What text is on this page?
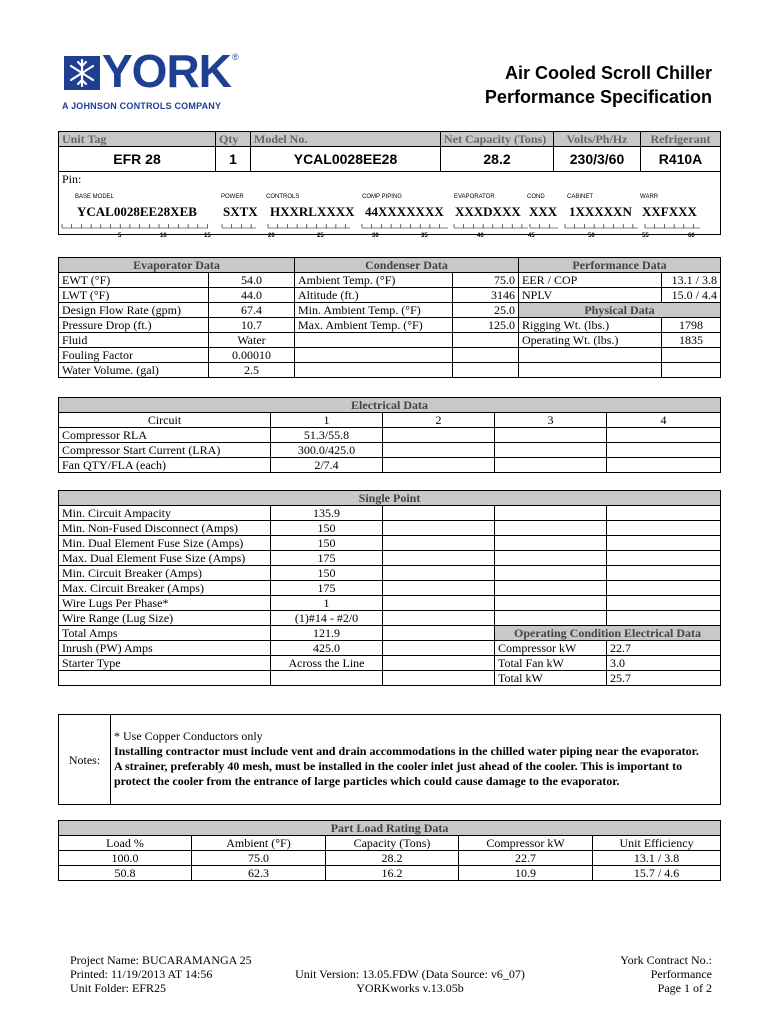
YORK ®
A JOHNSON CONTROLS COMPANY
Air Cooled Scroll Chiller
Performance Specification
Unit Tag	Qty	Model No.	Net Capacity (Tons)	Volts/Ph/Hz	Refrigerant
EFR 28	1	YCAL0028EE28	28.2	230/3/60	R410A
Pin:					
BASE MODEL	POWER	CONTROLS	COMP PIPING	EVAPORATOR	COND	CABINET	WARR
YCAL0028EE28XEB SXTX HXXRLXXXX 44XXXXXXX XXXDXXX XXX 1XXXXXN XXFXXX
5	10	15	20	25	30	35	40	45	50	55	60
Evaporator Data		Condenser Data		Performance Data	
EWT (°F)	54.0	Ambient Temp. (°F)	75.0	EER / COP	13.1 / 3.8
LWT (°F)	44.0	Altitude (ft.)	3146	NPLV	15.0 / 4.4
Design Flow Rate (gpm)	67.4	Min. Ambient Temp. (°F)	25.0	Physical Data	
Pressure Drop (ft.)	10.7	Max. Ambient Temp. (°F)	125.0	Rigging Wt. (lbs.)	1798
Fluid	Water			Operating Wt. (lbs.)	1835
Fouling Factor	0.00010				
Water Volume. (gal)	2.5				
Electrical Data				
Circuit	1	2	3	4
Compressor RLA	51.3/55.8			
Compressor Start Current (LRA)	300.0/425.0			
Fan QTY/FLA (each)	2/7.4			
Single Point				
Min. Circuit Ampacity	135.9			
Min. Non-Fused Disconnect (Amps)	150			
Min. Dual Element Fuse Size (Amps)	150			
Max. Dual Element Fuse Size (Amps)	175			
Min. Circuit Breaker (Amps)	150			
Max. Circuit Breaker (Amps)	175			
Wire Lugs Per Phase*	1			
Wire Range (Lug Size)	(1)#14 - #2/0			
Total Amps	121.9		Operating Condition Electrical Data	
Inrush (PW) Amps	425.0		Compressor kW	22.7
Starter Type	Across the Line		Total Fan kW	3.0
			Total kW	25.7
Notes:	
* Use Copper Conductors only
Installing contractor must include vent and drain accommodations in the chilled water piping near the evaporator.
A strainer, preferably 40 mesh, must be installed in the cooler inlet just ahead of the cooler. This is important to protect the cooler from the entrance of large particles which could cause damage to the evaporator.
Part Load Rating Data				
Load %	Ambient (°F)	Capacity (Tons)	Compressor kW	Unit Efficiency
100.0	75.0	28.2	22.7	13.1 / 3.8
50.8	62.3	16.2	10.9	15.7 / 4.6
Project Name: BUCARAMANGA 25
Printed: 11/19/2013 AT 14:56
Unit Folder: EFR25
Unit Version: 13.05.FDW (Data Source: v6_07)
YORKworks v.13.05b
York Contract No.:
Performance
Page 1 of 2
